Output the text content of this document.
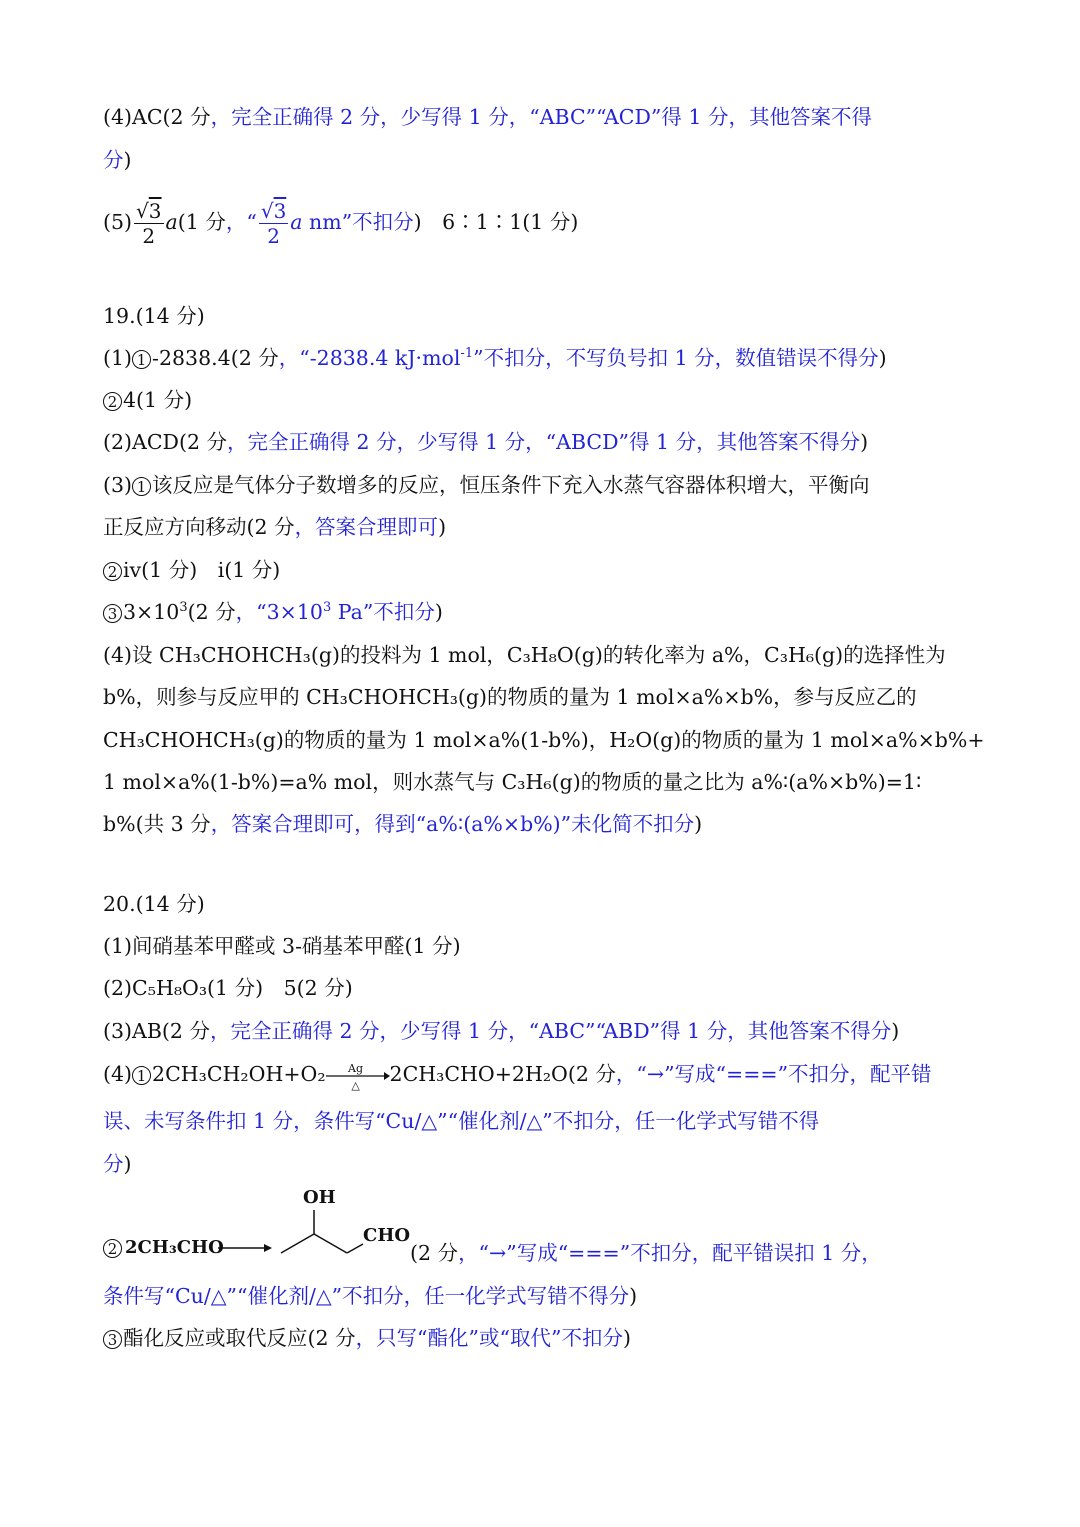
(4)AC(2 分，完全正确得 2 分，少写得 1 分，“ABC”“ACD”得 1 分，其他答案不得
分)
$(5) \frac{√3}{2} a(1$ 分，“ $\frac{√3}{2}$ a nm”不扣分)　6∶1∶1(1 分)
19.(14 分)
(1) 1 -2838.4(2 分，“-2838.4 kJ·mol$^{-1}$”不扣分，不写负号扣 1 分，数值错误不得分)
2 4(1 分)
(2)ACD(2 分，完全正确得 2 分，少写得 1 分，“ABCD”得 1 分，其他答案不得分)
(3) 1 该反应是气体分子数增多的反应，恒压条件下充入水蒸气容器体积增大，平衡向
正反应方向移动(2 分，答案合理即可)
2 ⅳ(1 分)　ⅰ(1 分)
3 $3\times 10^3(2$ 分，“$3\times 10^3$ Pa”不扣分)
(4)设 CH₃CHOHCH₃(g)的投料为 1 mol，C₃H₈O(g)的转化率为 a%，C₃H₆(g)的选择性为
b%，则参与反应甲的 CH₃CHOHCH₃(g)的物质的量为 1 mol×a%×b%，参与反应乙的
CH₃CHOHCH₃(g)的物质的量为 1 mol×a%(1-b%)，H₂O(g)的物质的量为 1 mol×a%×b%+
1 mol×a%(1-b%)=a% mol，则水蒸气与 C₃H₆(g)的物质的量之比为 a%∶(a%×b%)=1∶
b%(共 3 分，答案合理即可，得到“a%∶(a%×b%)”未化简不扣分)
20.(14 分)
(1)间硝基苯甲醛或 3-硝基苯甲醛(1 分)
(2)C₅H₈O₃(1 分)　5(2 分)
(3)AB(2 分，完全正确得 2 分，少写得 1 分，“ABC”“ABD”得 1 分，其他答案不得分)
(4) 1 2CH₃CH₂OH+O₂	Ag
△	2CH₃CHO+2H₂O(2 分，“→”写成“===”不扣分，配平错
误、未写条件扣 1 分，条件写“Cu/△”“催化剂/△”不扣分，任一化学式写错不得
分)
2 2CH₃CHO
OH
CHO
(2 分，“→”写成“===”不扣分，配平错误扣 1 分，
条件写“Cu/△”“催化剂/△”不扣分，任一化学式写错不得分)
3 酯化反应或取代反应(2 分，只写“酯化”或“取代”不扣分)
